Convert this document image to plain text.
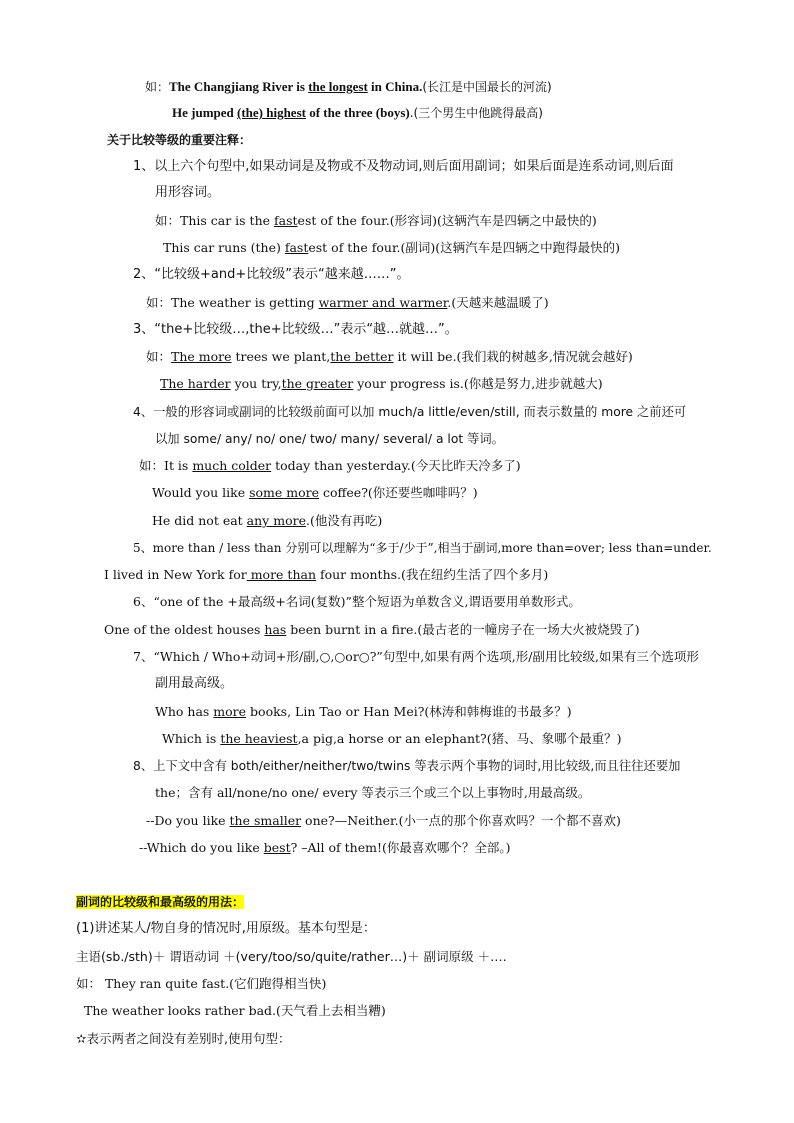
如：The Changjiang River is the longest in China.(长江是中国最长的河流)
He jumped (the) highest of the three (boys).(三个男生中他跳得最高)
关于比较等级的重要注释：
1、以上六个句型中,如果动词是及物或不及物动词,则后面用副词；如果后面是连系动词,则后面
用形容词。
如：This car is the fastest of the four.(形容词)(这辆汽车是四辆之中最快的)
This car runs (the) fastest of the four.(副词)(这辆汽车是四辆之中跑得最快的)
2、“比较级+and+比较级”表示“越来越……”。
如：The weather is getting warmer and warmer.(天越来越温暖了)
3、“the+比较级…,the+比较级…”表示“越…就越…”。
如：The more trees we plant,the better it will be.(我们栽的树越多,情况就会越好)
The harder you try,the greater your progress is.(你越是努力,进步就越大)
4、一般的形容词或副词的比较级前面可以加 much/a little/even/still, 而表示数量的 more 之前还可
以加 some/ any/ no/ one/ two/ many/ several/ a lot 等词。
如：It is much colder today than yesterday.(今天比昨天冷多了)
Would you like some more coffee?(你还要些咖啡吗？)
He did not eat any more.(他没有再吃)
5、more than / less than 分别可以理解为“多于/少于”,相当于副词,more than=over; less than=under.
I lived in New York for more than four months.(我在纽约生活了四个多月)
6、“one of the +最高级+名词(复数)”整个短语为单数含义,谓语要用单数形式。
One of the oldest houses has been burnt in a fire.(最古老的一幢房子在一场大火被烧毁了)
7、“Which / Who+动词+形/副,○,○or○?”句型中,如果有两个选项,形/副用比较级,如果有三个选项形
副用最高级。
Who has more books, Lin Tao or Han Mei?(林涛和韩梅谁的书最多？)
Which is the heaviest,a pig,a horse or an elephant?(猪、马、象哪个最重？)
8、上下文中含有 both/either/neither/two/twins 等表示两个事物的词时,用比较级,而且往往还要加
the；含有 all/none/no one/ every 等表示三个或三个以上事物时,用最高级。
--Do you like the smaller one?—Neither.(小一点的那个你喜欢吗？一个都不喜欢)
--Which do you like best? –All of them!(你最喜欢哪个？全部。)
副词的比较级和最高级的用法：
(1)讲述某人/物自身的情况时,用原级。基本句型是：
主语(sb./sth)＋ 谓语动词 ＋(very/too/so/quite/rather…)＋ 副词原级 ＋….
如： They ran quite fast.(它们跑得相当快)
The weather looks rather bad.(天气看上去相当糟)
✫表示两者之间没有差别时,使用句型：
